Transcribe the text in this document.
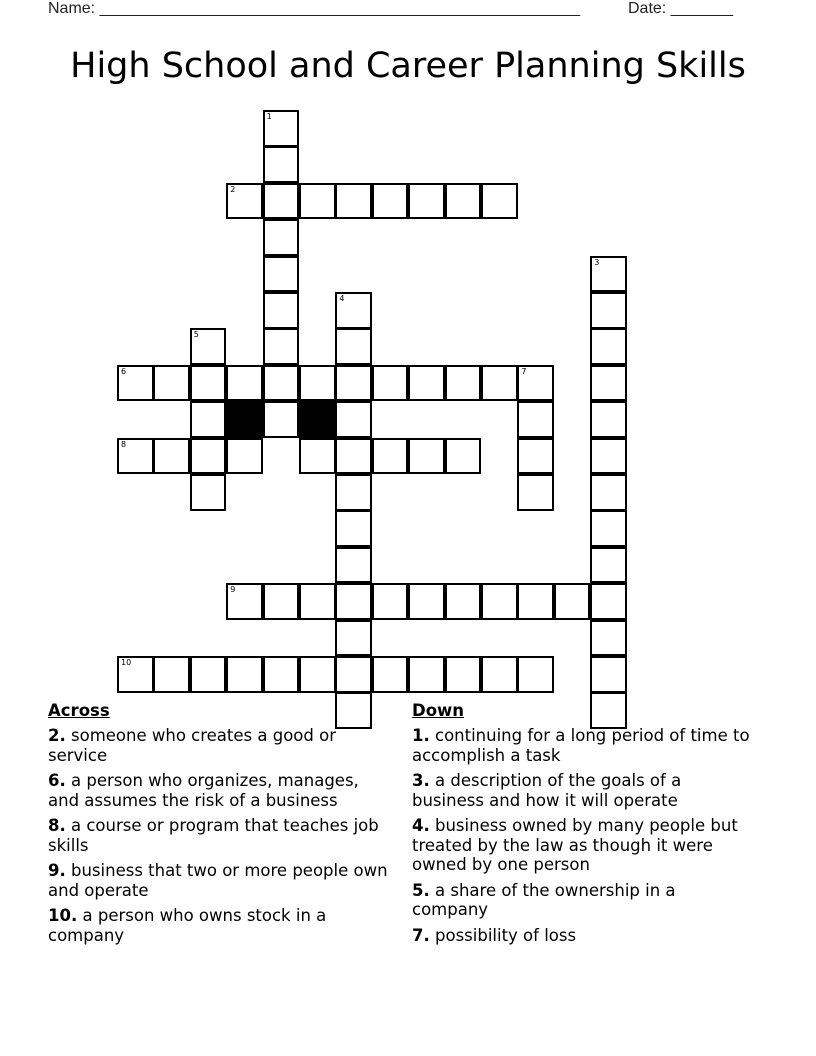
Name: ______________________________________________________	Date: _______
High School and Career Planning Skills
1
2
3
4
5
6	7
8
9
10
Across
2. someone who creates a good or service
6. a person who organizes, manages, and assumes the risk of a business
8. a course or program that teaches job skills
9. business that two or more people own and operate
10. a person who owns stock in a company
Down
1. continuing for a long period of time to accomplish a task
3. a description of the goals of a business and how it will operate
4. business owned by many people but treated by the law as though it were owned by one person
5. a share of the ownership in a company
7. possibility of loss
